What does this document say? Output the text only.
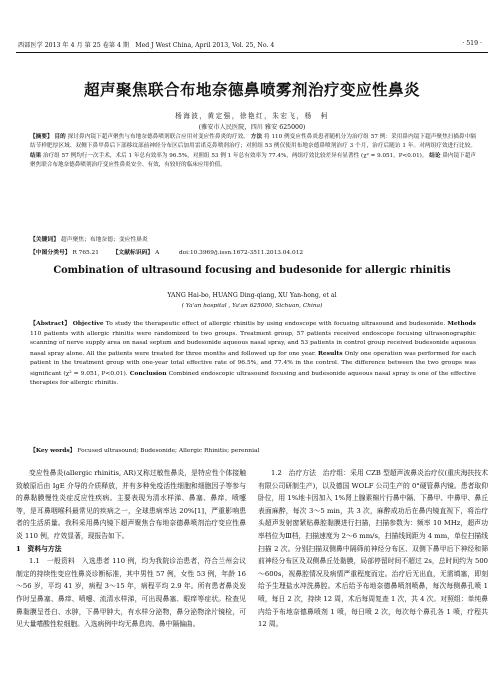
西部医学 2013 年 4 月 第 25 卷第 4 期　Med J West China, April 2013, Vol. 25, No. 4	· 519 ·
超声聚焦联合布地奈德鼻喷雾剂治疗变应性鼻炎
杨海波，黄定强，徐艳红，朱宏飞，杨　柯
(雅安市人民医院，四川 雅安 625000)
【摘要】 目的 探讨鼻内镜下超声聚焦与布地奈德鼻喷剂联合应用对变应性鼻炎的疗效。 方法 将 110 例变应性鼻炎患者随机分为治疗组 57 例：采用鼻内镜下超声聚焦扫描鼻中隔结节样肥厚区域、双侧下鼻甲鼻后下部移纹部前神经分布区后加用雷诺克鼻喷剂治疗；对照组 53 例仅使用布地奈德鼻喷剂治疗 3 个月，治疗后随访 1 年。对两组疗效进行比较。 结果 治疗组 57 例均行一次手术，术后 1 年总有效率为 96.5%，对照组 53 例 1 年总有效率为 77.4%，两组疗效比较差异有显著性 (χ² = 9.051，P<0.01)。 结论 鼻内镜下超声聚焦联合布地奈德鼻喷剂治疗变应性鼻炎安全、有效，有较好的临床应用价值。
【关键词】 超声聚焦；布地奈德；变应性鼻炎
【中图分类号】 R 765.21 【文献标识码】 A	doi:10.3969/j.issn.1672-3511.2013.04.012
Combination of ultrasound focusing and budesonide for allergic rhinitis
YANG Hai-bo, HUANG Ding-qiang, XU Yan-hong, et al
( Ya'an hospital , Ya'an 625000, Sichuan, China)
【Abstract】 Objective To study the therapeutic effect of allergic rhinitis by using endoscope with focusing ultrasound and budesonide. Methods 110 patients with allergic rhinitis were randomized to two groups. Treatment group, 57 patients received endoscope focusing ultrasonographic scanning of nerve supply area on nasal septum and budesonide aqueous nasal spray, and 53 patients in control group received budesonide aqueous nasal spray alone. All the patients were treated for three months and followed up for one year. Results Only one operation was performed for each patient in the treatment group with one-year total effective rate of 96.5%, and 77.4% in the control. The difference between the two groups was significant (χ² = 9.051, P<0.01). Conclusion Combined endoscopic ultrasound focusing and budesonide aqueous nasal spray is one of the effective therapies for allergic rhinitis.
【Key words】 Focused ultrasound; Budesonide; Allergic Rhinitis; perennial

变应性鼻炎(allergic rhinitis, AR)又称过敏性鼻炎，是特应性个体接触致敏原后由 IgE 介导的介质释放，并有多种免疫活性细胞和细胞因子等参与的鼻黏膜慢性炎症反应性疾病。主要表现为清水样涕、鼻塞、鼻痒、喷嚏等，是耳鼻咽喉科最常见的疾病之一，全球患病率达 20%[1]，严重影响患者的生活质量。我科采用鼻内镜下超声聚焦合布地奈德鼻喷剂治疗变应性鼻炎 110 例，疗效显著，现报告如下。

1　资料与方法

1.1　一般资料　入选患者 110 例，均为我院诊治患者，符合兰州会议制定的持续性变应性鼻炎诊断标准，其中男性 57 例，女性 53 例，年龄 16～56 岁，平均 41 岁，病程 3～15 年，病程平均 2.9 年。所有患者鼻炎发作时呈鼻塞、鼻痒、喷嚏、流清水样涕，可出现鼻塞、眼痒等症状。检查见鼻黏膜呈苍白、水肿，下鼻甲肿大，有水样分泌物，鼻分泌物涂片镜检，可见大量嗜酸性粒细胞。入选病例中均无鼻息肉、鼻中隔偏曲。

1.2　治疗方法　治疗组：采用 CZB 型超声波鼻炎治疗仪(重庆海扶技术有限公司研制生产)，以及德国 WOLF 公司生产的 0°硬管鼻内镜。患者取仰卧位，用 1%地卡因加入 1%肾上腺素棉片行鼻中隔、下鼻甲、中鼻甲、鼻丘表面麻醉，每次 3～5 min，共 3 次，麻醉成功后在鼻内镜直视下，将治疗头超声发射窗紧贴鼻腔黏膜进行扫描，扫描参数为：频率 10 MHz，超声功率档位为Ⅲ档，扫描速度为 2～6 mm/s，扫描线间距为 4 mm，单位扫描线扫描 2 次。分别扫描双侧鼻中隔筛前神经分布区、双侧下鼻甲后下神经和筛前神经分布区及双侧鼻丘处黏膜，局部停留时间不超过 2s，总时间约为 500～600s，视鼻腔情况及病情严重程度而定。治疗后无出血，无需填塞，即刻给予生理盐水冲洗鼻腔。术后给予布地奈德鼻喷剂喷鼻，每次每侧鼻孔喷 1 喷，每日 2 次，持续 12 周，术后每周复查 1 次，共 4 次。对照组：单纯鼻内给予布地奈德鼻喷剂 1 喷，每日喷 2 次，每次每个鼻孔各 1 喷，疗程共 12 周。
